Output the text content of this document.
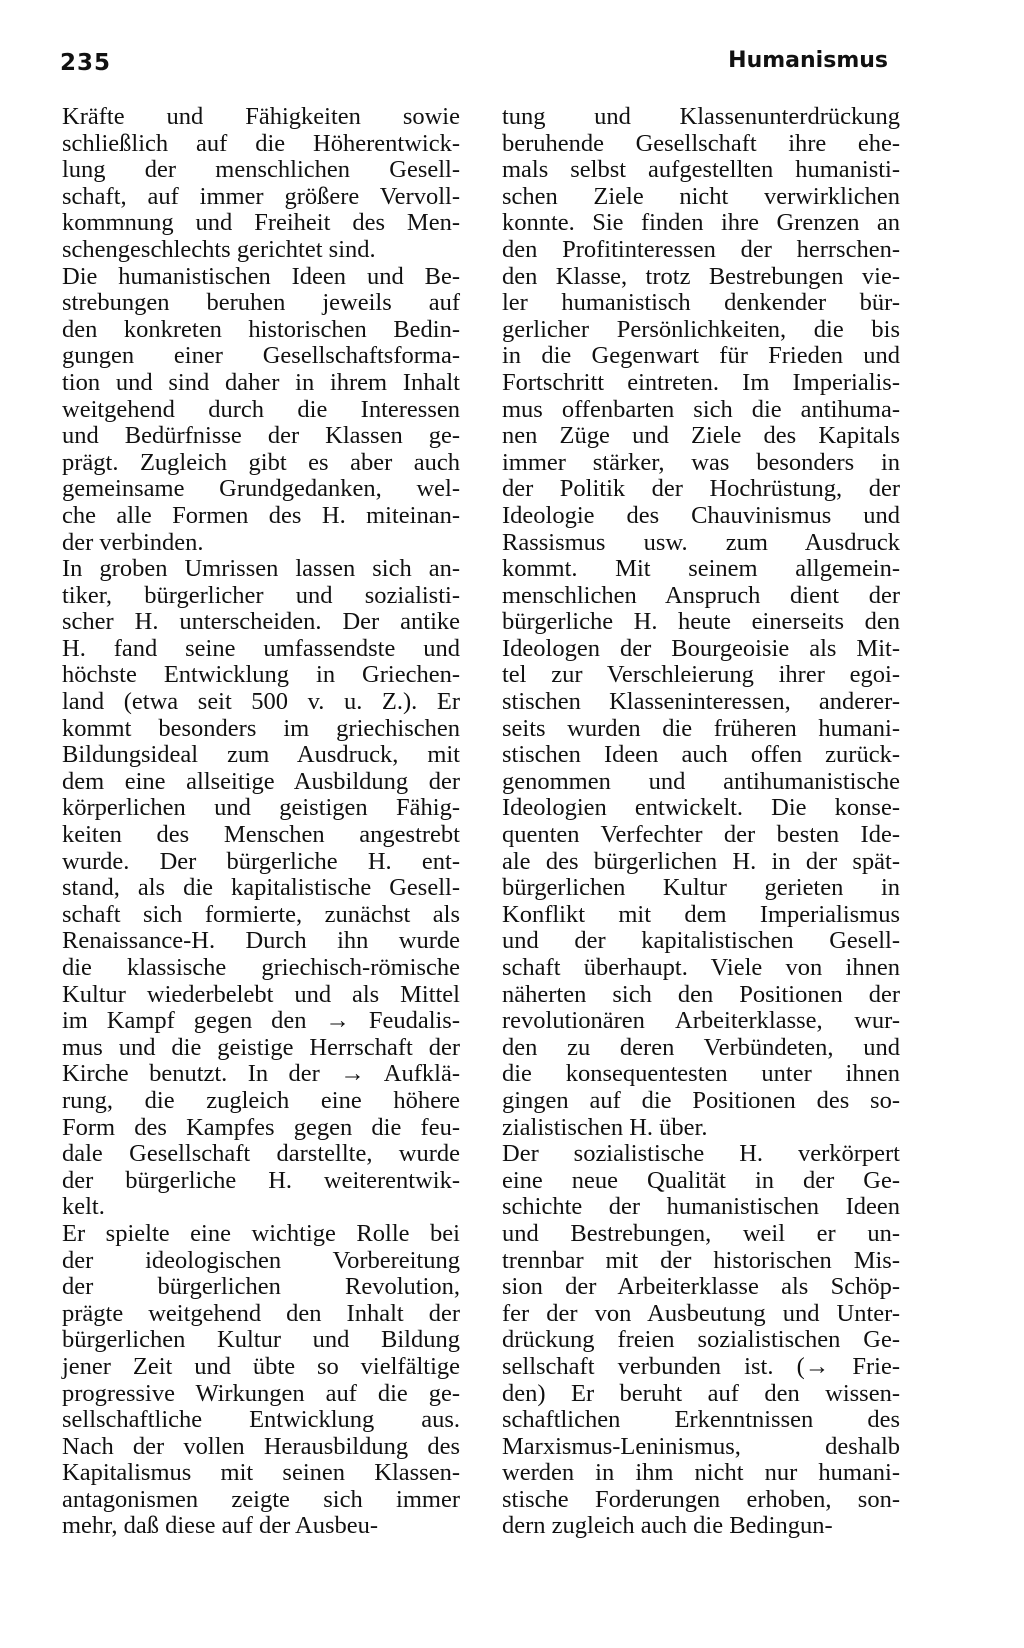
235	Humanismus

Kräfte und Fähigkeiten sowie
schließlich auf die Höherentwick-
lung der menschlichen Gesell-
schaft, auf immer größere Vervoll-
kommnung und Freiheit des Men-
schengeschlechts gerichtet sind.

Die humanistischen Ideen und Be-
strebungen beruhen jeweils auf
den konkreten historischen Bedin-
gungen einer Gesellschaftsforma-
tion und sind daher in ihrem Inhalt
weitgehend durch die Interessen
und Bedürfnisse der Klassen ge-
prägt. Zugleich gibt es aber auch
gemeinsame Grundgedanken, wel-
che alle Formen des H. miteinan-
der verbinden.

In groben Umrissen lassen sich an-
tiker, bürgerlicher und sozialisti-
scher H. unterscheiden. Der antike
H. fand seine umfassendste und
höchste Entwicklung in Griechen-
land (etwa seit 500 v. u. Z.). Er
kommt besonders im griechischen
Bildungsideal zum Ausdruck, mit
dem eine allseitige Ausbildung der
körperlichen und geistigen Fähig-
keiten des Menschen angestrebt
wurde. Der bürgerliche H. ent-
stand, als die kapitalistische Gesell-
schaft sich formierte, zunächst als
Renaissance-H. Durch ihn wurde
die klassische griechisch-römische
Kultur wiederbelebt und als Mittel
im Kampf gegen den → Feudalis-
mus und die geistige Herrschaft der
Kirche benutzt. In der → Aufklä-
rung, die zugleich eine höhere
Form des Kampfes gegen die feu-
dale Gesellschaft darstellte, wurde
der bürgerliche H. weiterentwik-
kelt.

Er spielte eine wichtige Rolle bei
der ideologischen Vorbereitung
der bürgerlichen Revolution,
prägte weitgehend den Inhalt der
bürgerlichen Kultur und Bildung
jener Zeit und übte so vielfältige
progressive Wirkungen auf die ge-
sellschaftliche Entwicklung aus.
Nach der vollen Herausbildung des
Kapitalismus mit seinen Klassen-
antagonismen zeigte sich immer
mehr, daß diese auf der Ausbeu-

tung und Klassenunterdrückung
beruhende Gesellschaft ihre ehe-
mals selbst aufgestellten humanisti-
schen Ziele nicht verwirklichen
konnte. Sie finden ihre Grenzen an
den Profitinteressen der herrschen-
den Klasse, trotz Bestrebungen vie-
ler humanistisch denkender bür-
gerlicher Persönlichkeiten, die bis
in die Gegenwart für Frieden und
Fortschritt eintreten. Im Imperialis-
mus offenbarten sich die antihuma-
nen Züge und Ziele des Kapitals
immer stärker, was besonders in
der Politik der Hochrüstung, der
Ideologie des Chauvinismus und
Rassismus usw. zum Ausdruck
kommt. Mit seinem allgemein-
menschlichen Anspruch dient der
bürgerliche H. heute einerseits den
Ideologen der Bourgeoisie als Mit-
tel zur Verschleierung ihrer egoi-
stischen Klasseninteressen, anderer-
seits wurden die früheren humani-
stischen Ideen auch offen zurück-
genommen und antihumanistische
Ideologien entwickelt. Die konse-
quenten Verfechter der besten Ide-
ale des bürgerlichen H. in der spät-
bürgerlichen Kultur gerieten in
Konflikt mit dem Imperialismus
und der kapitalistischen Gesell-
schaft überhaupt. Viele von ihnen
näherten sich den Positionen der
revolutionären Arbeiterklasse, wur-
den zu deren Verbündeten, und
die konsequentesten unter ihnen
gingen auf die Positionen des so-
zialistischen H. über.

Der sozialistische H. verkörpert
eine neue Qualität in der Ge-
schichte der humanistischen Ideen
und Bestrebungen, weil er un-
trennbar mit der historischen Mis-
sion der Arbeiterklasse als Schöp-
fer der von Ausbeutung und Unter-
drückung freien sozialistischen Ge-
sellschaft verbunden ist. (→ Frie-
den) Er beruht auf den wissen-
schaftlichen Erkenntnissen des
Marxismus-Leninismus, deshalb
werden in ihm nicht nur humani-
stische Forderungen erhoben, son-
dern zugleich auch die Bedingun-
